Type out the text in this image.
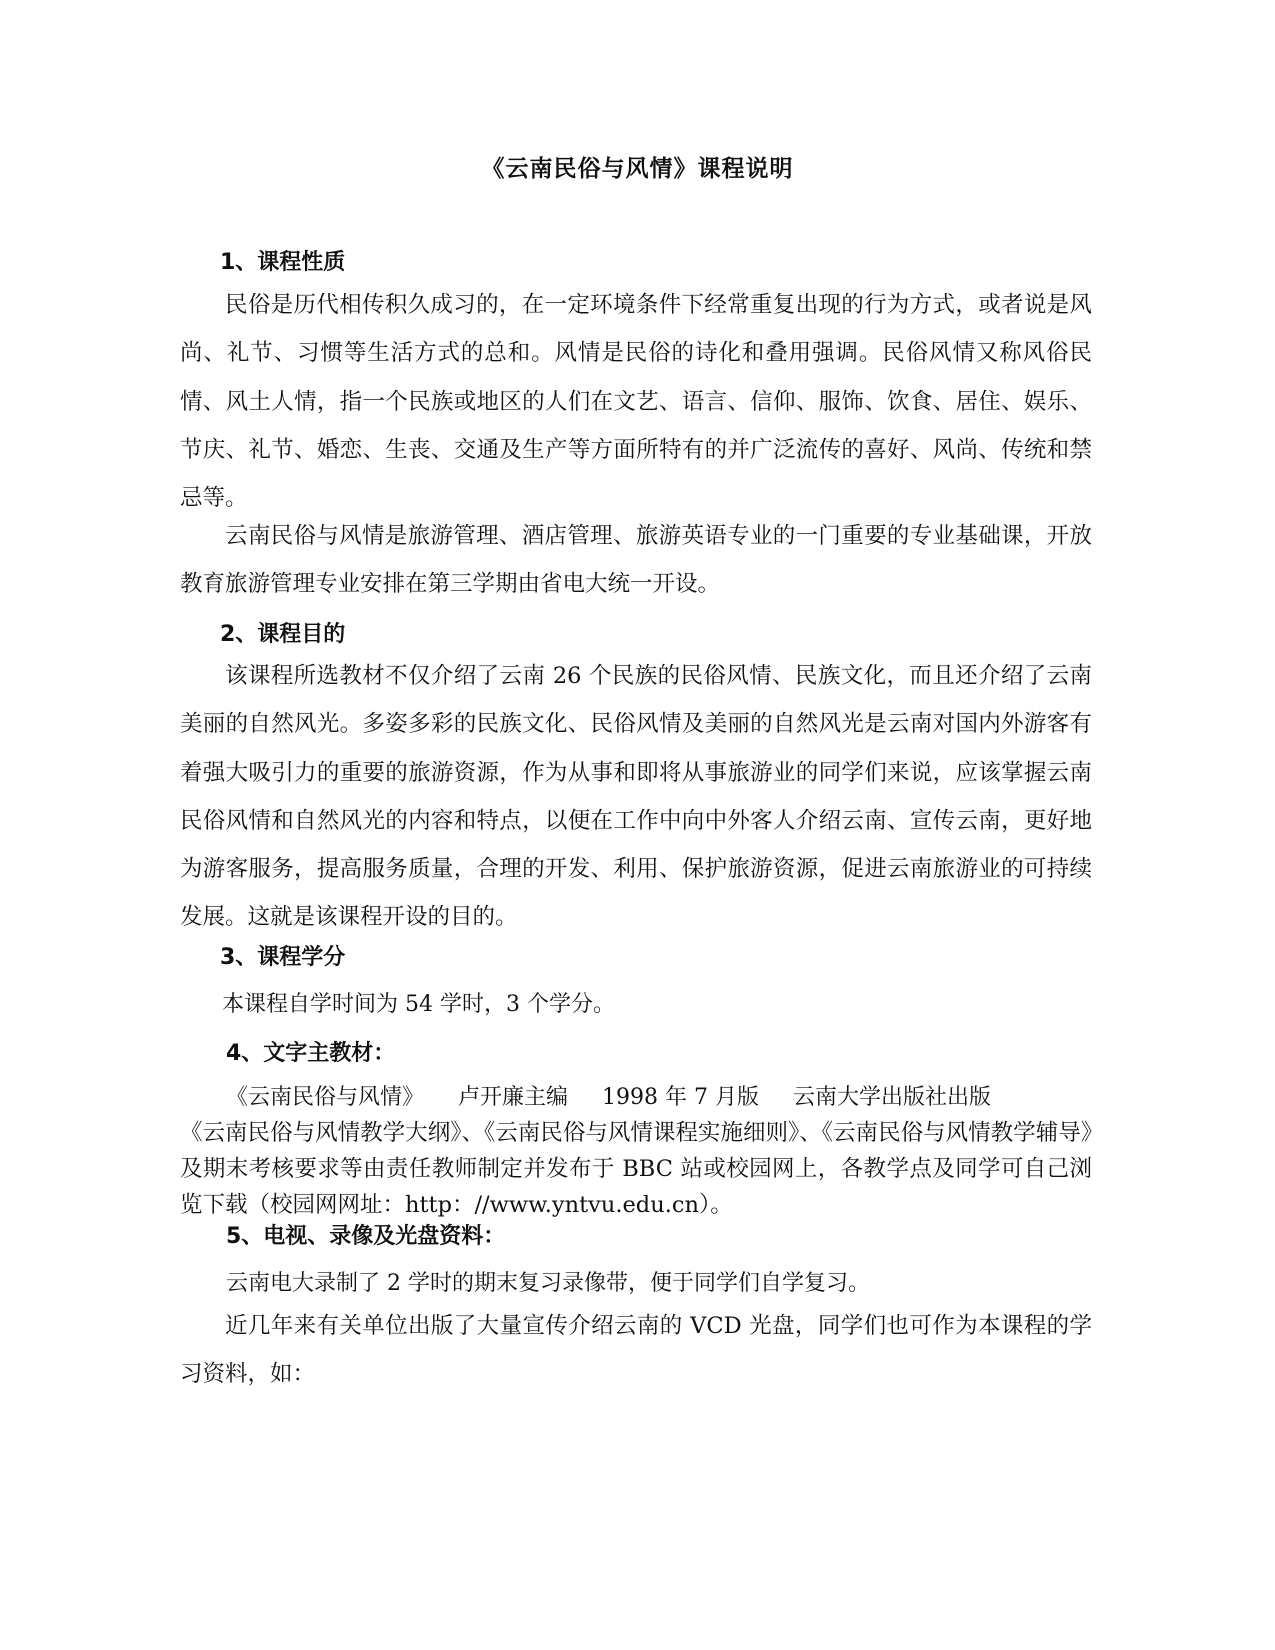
《云南民俗与风情》课程说明
1、课程性质

民俗是历代相传积久成习的，在一定环境条件下经常重复出现的行为方式，或者说是风尚、礼节、习惯等生活方式的总和。风情是民俗的诗化和叠用强调。民俗风情又称风俗民情、风土人情，指一个民族或地区的人们在文艺、语言、信仰、服饰、饮食、居住、娱乐、节庆、礼节、婚恋、生丧、交通及生产等方面所特有的并广泛流传的喜好、风尚、传统和禁忌等。

云南民俗与风情是旅游管理、酒店管理、旅游英语专业的一门重要的专业基础课，开放教育旅游管理专业安排在第三学期由省电大统一开设。

2、课程目的

该课程所选教材不仅介绍了云南 26 个民族的民俗风情、民族文化，而且还介绍了云南美丽的自然风光。多姿多彩的民族文化、民俗风情及美丽的自然风光是云南对国内外游客有着强大吸引力的重要的旅游资源，作为从事和即将从事旅游业的同学们来说，应该掌握云南民俗风情和自然风光的内容和特点，以便在工作中向中外客人介绍云南、宣传云南，更好地为游客服务，提高服务质量，合理的开发、利用、保护旅游资源，促进云南旅游业的可持续发展。这就是该课程开设的目的。

3、课程学分
本课程自学时间为 54 学时，3 个学分。
4、文字主教材：
《云南民俗与风情》 卢开廉主编 1998 年 7 月版 云南大学出版社出版

《云南民俗与风情教学大纲》、《云南民俗与风情课程实施细则》、《云南民俗与风情教学辅导》及期末考核要求等由责任教师制定并发布于 BBC 站或校园网上，各教学点及同学可自己浏览下载（校园网网址：http：//www.yntvu.edu.cn）。

5、电视、录像及光盘资料：
云南电大录制了 2 学时的期末复习录像带，便于同学们自学复习。

近几年来有关单位出版了大量宣传介绍云南的 VCD 光盘，同学们也可作为本课程的学习资料，如：
